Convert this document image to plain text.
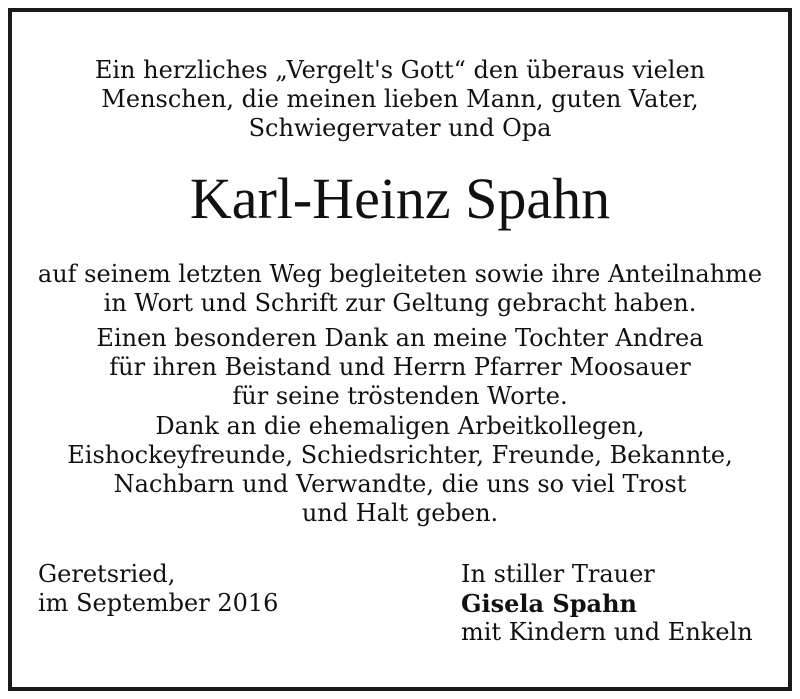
Ein herzliches „Vergelt's Gott“ den überaus vielen
Menschen, die meinen lieben Mann, guten Vater,
Schwiegervater und Opa
Karl-Heinz Spahn
auf seinem letzten Weg begleiteten sowie ihre Anteilnahme
in Wort und Schrift zur Geltung gebracht haben.
Einen besonderen Dank an meine Tochter Andrea
für ihren Beistand und Herrn Pfarrer Moosauer
für seine tröstenden Worte.
Dank an die ehemaligen Arbeitkollegen,
Eishockeyfreunde, Schiedsrichter, Freunde, Bekannte,
Nachbarn und Verwandte, die uns so viel Trost
und Halt geben.
Geretsried,
im September 2016
In stiller Trauer
Gisela Spahn
mit Kindern und Enkeln
